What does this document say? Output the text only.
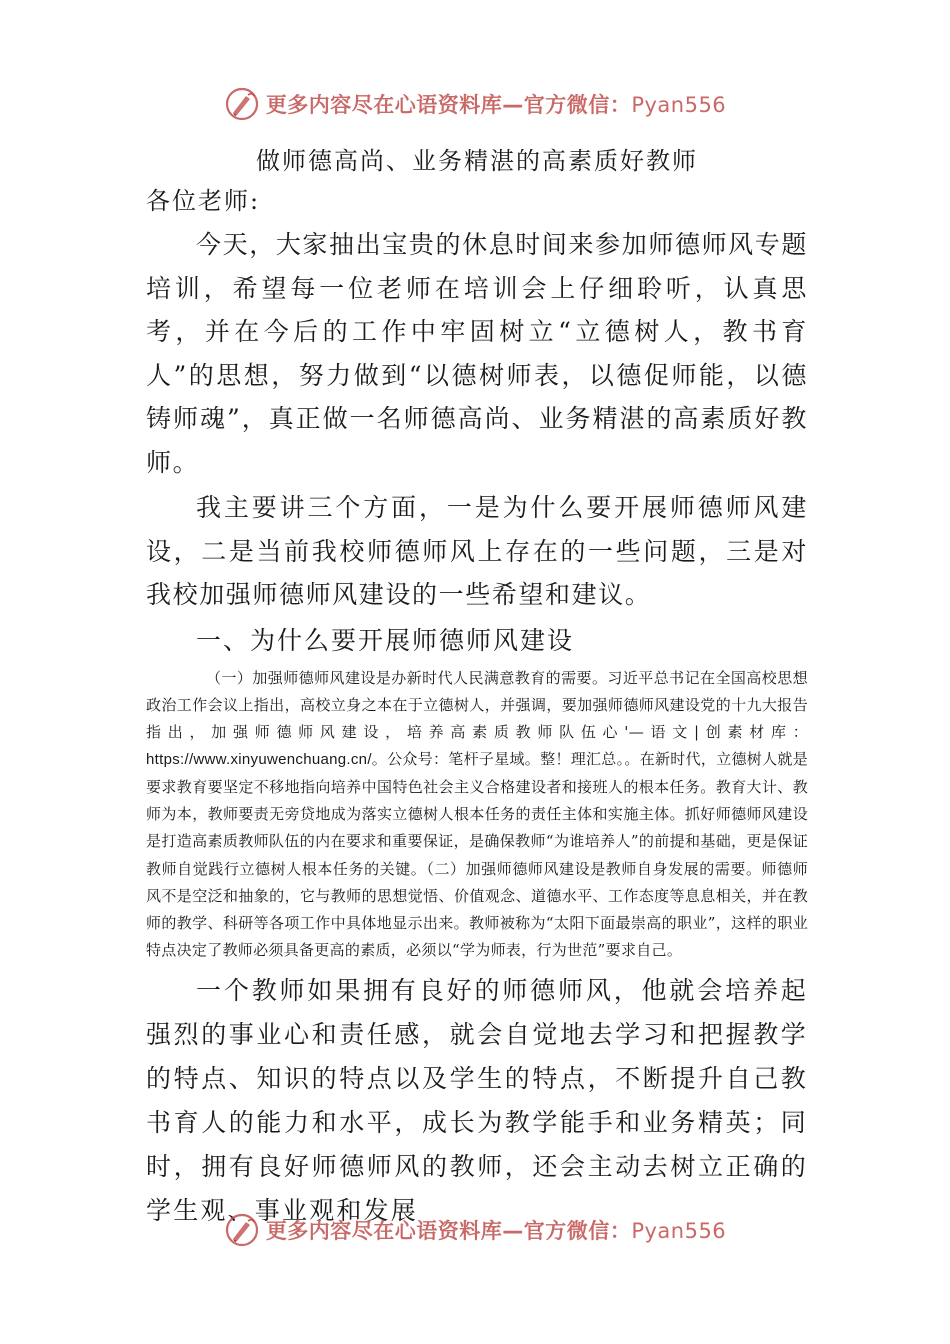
更多内容尽在心语资料库—官方微信：Pyan556
做师德高尚、业务精湛的高素质好教师
各位老师:

今天，大家抽出宝贵的休息时间来参加师德师风专题培训，希望每一位老师在培训会上仔细聆听，认真思考，并在今后的工作中牢固树立“立德树人，教书育人”的思想，努力做到“以德树师表，以德促师能，以德铸师魂”，真正做一名师德高尚、业务精湛的高素质好教师。

我主要讲三个方面，一是为什么要开展师德师风建设，二是当前我校师德师风上存在的一些问题，三是对我校加强师德师风建设的一些希望和建议。

一、为什么要开展师德师风建设

（一）加强师德师风建设是办新时代人民满意教育的需要。习近平总书记在全国高校思想政治工作会议上指出，高校立身之本在于立德树人，并强调，要加强师德师风建设党的十九大报告指出，加强师德师风建设，培养高素质教师队伍心'—语文|创素材库：https://www.xinyuwenchuang.cn/。公众号：笔杆子星域。整！理汇总。。在新时代，立德树人就是要求教育要坚定不移地指向培养中国特色社会主义合格建设者和接班人的根本任务。教育大计、教师为本，教师要责无旁贷地成为落实立德树人根本任务的责任主体和实施主体。抓好师德师风建设是打造高素质教师队伍的内在要求和重要保证，是确保教师“为谁培养人”的前提和基础，更是保证教师自觉践行立德树人根本任务的关键。（二）加强师德师风建设是教师自身发展的需要。师德师风不是空泛和抽象的，它与教师的思想觉悟、价值观念、道德水平、工作态度等息息相关，并在教师的教学、科研等各项工作中具体地显示出来。教师被称为“太阳下面最崇高的职业”，这样的职业特点决定了教师必须具备更高的素质，必须以“学为师表，行为世范”要求自己。

一个教师如果拥有良好的师德师风，他就会培养起强烈的事业心和责任感，就会自觉地去学习和把握教学的特点、知识的特点以及学生的特点，不断提升自己教书育人的能力和水平，成长为教学能手和业务精英；同时，拥有良好师德师风的教师，还会主动去树立正确的学生观、事业观和发展

更多内容尽在心语资料库—官方微信：Pyan556
